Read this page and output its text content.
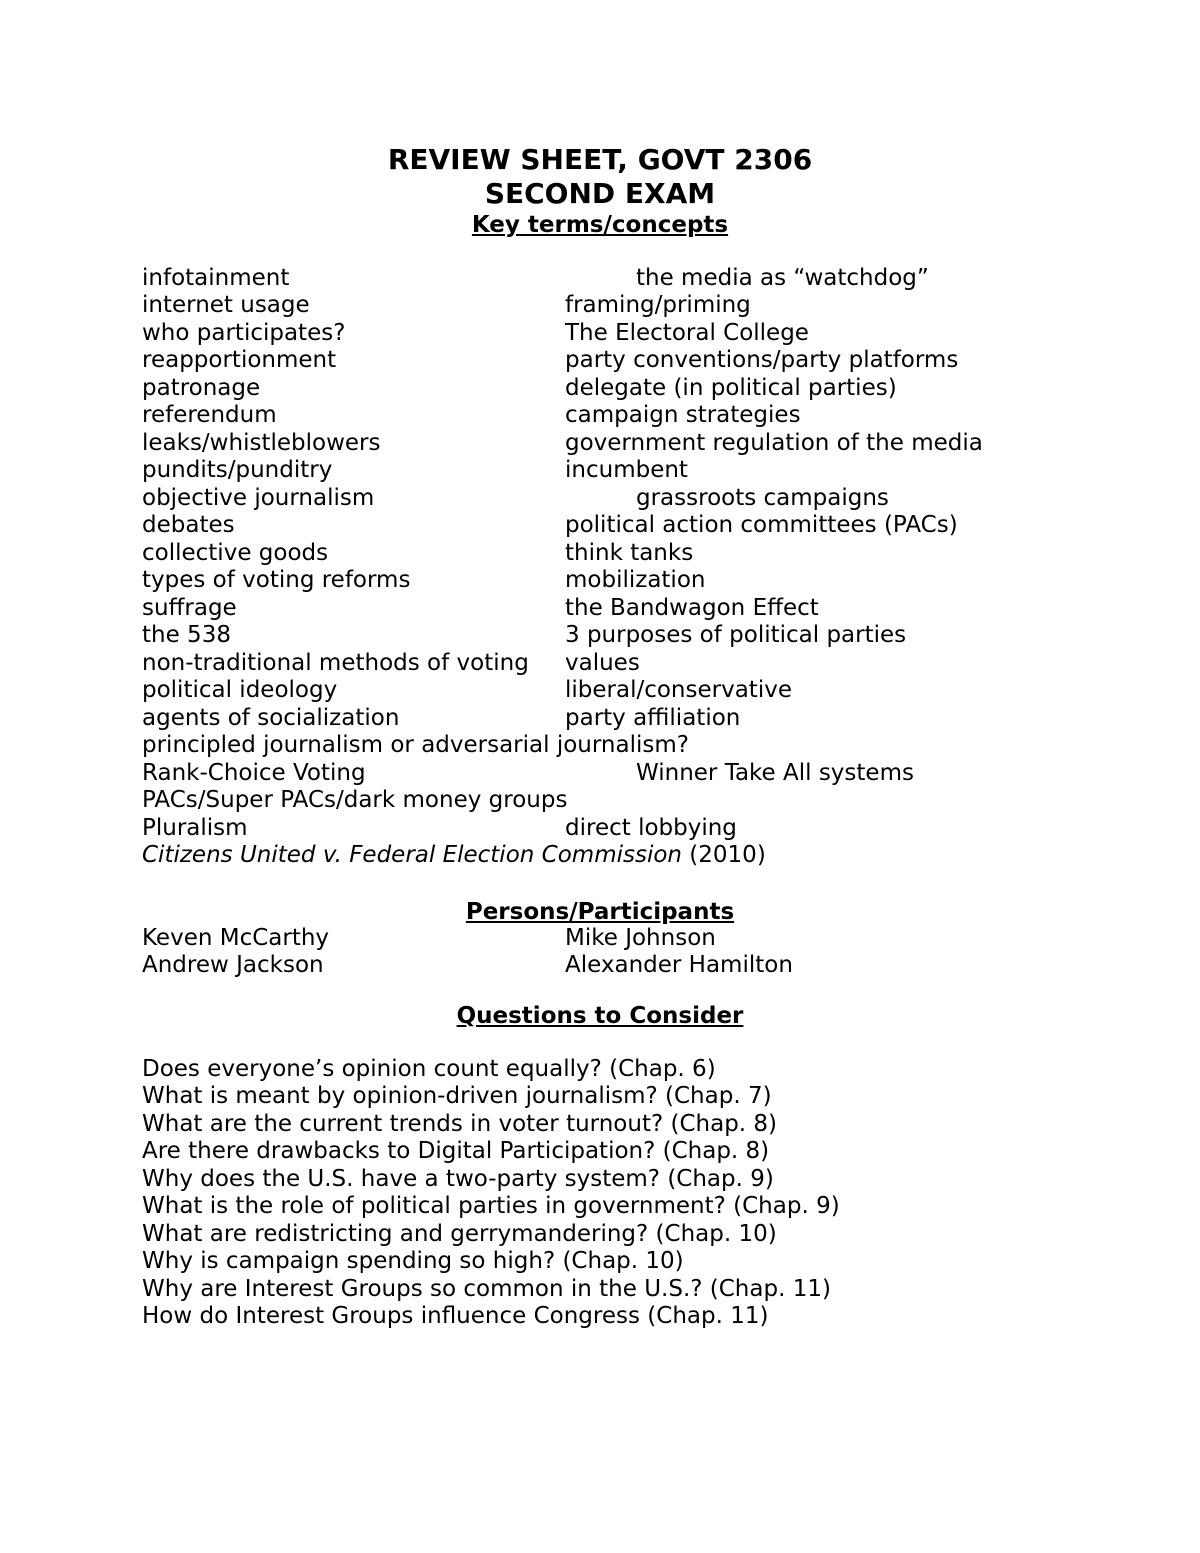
REVIEW SHEET, GOVT 2306
SECOND EXAM
Key terms/concepts
infotainment
internet usage
who participates?
reapportionment
patronage
referendum
leaks/whistleblowers
pundits/punditry
objective journalism
debates
collective goods
types of voting reforms
suffrage
the 538
non-traditional methods of voting
political ideology
agents of socialization
principled journalism or adversarial journalism?
Rank-Choice Voting
PACs/Super PACs/dark money groups
Pluralism
the media as “watchdog”
framing/priming
The Electoral College
party conventions/party platforms
delegate (in political parties)
campaign strategies
government regulation of the media
incumbent
grassroots campaigns
political action committees (PACs)
think tanks
mobilization
the Bandwagon Effect
3 purposes of political parties
values
liberal/conservative
party affiliation
Winner Take All systems
direct lobbying
Citizens United v. Federal Election Commission (2010)
Persons/Participants
Keven McCarthy
Andrew Jackson
Mike Johnson
Alexander Hamilton
Questions to Consider
Does everyone’s opinion count equally? (Chap. 6)
What is meant by opinion-driven journalism? (Chap. 7)
What are the current trends in voter turnout? (Chap. 8)
Are there drawbacks to Digital Participation? (Chap. 8)
Why does the U.S. have a two-party system? (Chap. 9)
What is the role of political parties in government? (Chap. 9)
What are redistricting and gerrymandering? (Chap. 10)
Why is campaign spending so high? (Chap. 10)
Why are Interest Groups so common in the U.S.? (Chap. 11)
How do Interest Groups influence Congress (Chap. 11)
